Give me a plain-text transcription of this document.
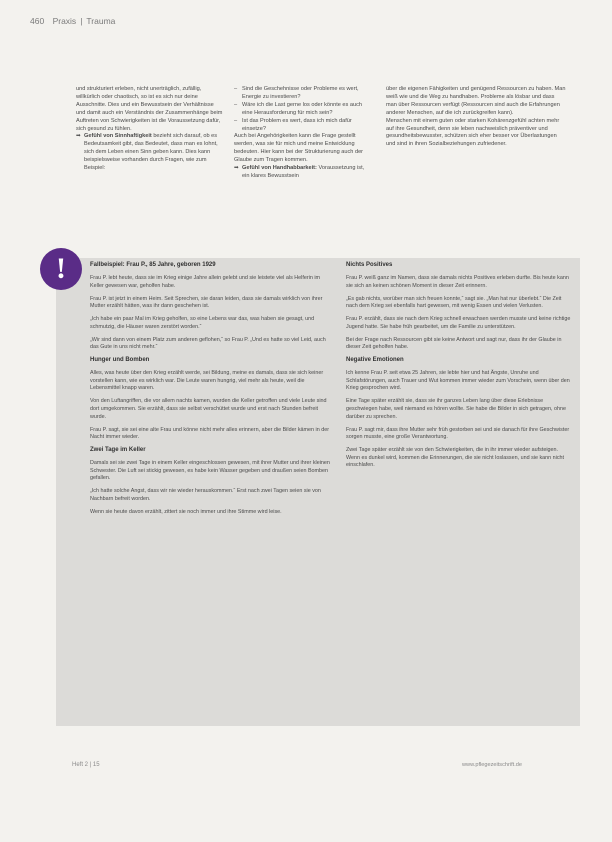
460 Praxis | Trauma

und strukturiert erleben, nicht unerträglich, zufällig, willkürlich oder chaotisch, so ist es sich nur deine Ausschnitte. Dies und ein Bewusstsein der Verhältnisse und damit auch ein Verständnis der Zusammenhänge beim Auftreten von Schwierigkeiten ist die Voraussetzung dafür, sich gesund zu fühlen.

➡ Gefühl von Sinnhaftigkeit bezieht sich darauf, ob es Bedeutsamkeit gibt, das Bedeutet, dass man es lohnt, sich dem Leben einen Sinn geben kann. Dies kann beispielsweise vorhanden durch Fragen, wie zum Beispiel:
– Sind die Geschehnisse oder Probleme es wert, Energie zu investieren?
– Wäre ich die Last gerne los oder könnte es auch eine Herausforderung für mich sein?
– Ist das Problem es wert, dass ich mich dafür einsetze?

Auch bei Angehörigkeiten kann die Frage gestellt werden, was sie für mich und meine Entwicklung bedeuten. Hier kann bei der Strukturierung auch der Glaube zum Tragen kommen.

➡ Gefühl von Handhabbarkeit: Voraussetzung ist, ein klares Bewusstsein

über die eigenen Fähigkeiten und genügend Ressourcen zu haben. Man weiß wie und die Weg zu handhaben. Probleme als lösbar und dass man über Ressourcen verfügt (Ressourcen sind auch die Erfahrungen anderer Menschen, auf die ich zurückgreifen kann).

Menschen mit einem guten oder starken Kohärenzgefühl achten mehr auf ihre Gesundheit, denn sie leben nachweislich präventiver und gesundheitsbewusster, schützen sich eher besser vor Überlastungen und sind in ihren Sozialbeziehungen zufriedener.

!	Fallbeispiel: Frau P., 85 Jahre, geboren 1929

Frau P. lebt heute, dass sie im Krieg einige Jahre allein gelebt und sie leistete viel als Helferin im Keller gewesen war, geholfen habe.

Frau P. ist jetzt in einem Heim. Seit Sprechen, sie daran leiden, dass sie damals wirklich von ihrer Mutter erzählt hätten, was ihr dann geschehen ist.

„Ich habe ein paar Mal im Krieg geholfen, so eine Lebens war das, was haben sie gesagt, und schmutzig, die Häuser waren zerstört worden.“

„Wir sind dann von einem Platz zum anderen geflohen,“ so Frau P. „Und es hatte so viel Leid, auch das Gute in uns nicht mehr.“

Hunger und Bomben

Alles, was heute über den Krieg erzählt werde, sei Bildung, meine es damals, dass sie sich keiner vorstellen kann, wie es wirklich war. Die Leute waren hungrig, viel mehr als heute, weil die Lebensmittel knapp waren.

Von den Luftangriffen, die vor allem nachts kamen, wurden die Keller getroffen und viele Leute sind dort umgekommen. Sie erzählt, dass sie selbst verschüttet wurde und erst nach Stunden befreit wurde.

Frau P. sagt, sie sei eine alte Frau und könne nicht mehr alles erinnern, aber die Bilder kämen in der Nacht immer wieder.

Zwei Tage im Keller

Damals sei sie zwei Tage in einem Keller eingeschlossen gewesen, mit ihrer Mutter und ihrer kleinen Schwester. Die Luft sei stickig gewesen, es habe kein Wasser gegeben und draußen seien Bomben gefallen.

„Ich hatte solche Angst, dass wir nie wieder herauskommen.“ Erst nach zwei Tagen seien sie von Nachbarn befreit worden.

Wenn sie heute davon erzählt, zittert sie noch immer und ihre Stimme wird leise.

Nichts Positives

Frau P. weiß ganz im Namen, dass sie damals nichts Positives erleben durfte. Bis heute kann sie sich an keinen schönen Moment in dieser Zeit erinnern.

„Es gab nichts, worüber man sich freuen konnte,“ sagt sie. „Man hat nur überlebt.“ Die Zeit nach dem Krieg sei ebenfalls hart gewesen, mit wenig Essen und vielen Verlusten.

Frau P. erzählt, dass sie nach dem Krieg schnell erwachsen werden musste und keine richtige Jugend hatte. Sie habe früh gearbeitet, um die Familie zu unterstützen.

Bei der Frage nach Ressourcen gibt sie keine Antwort und sagt nur, dass ihr der Glaube in dieser Zeit geholfen habe.

Negative Emotionen

Ich kenne Frau P. seit etwa 25 Jahren, sie lebte hier und hat Ängste, Unruhe und Schlafstörungen, auch Trauer und Wut kommen immer wieder zum Vorschein, wenn über den Krieg gesprochen wird.

Eine Tage später erzählt sie, dass sie ihr ganzes Leben lang über diese Erlebnisse geschwiegen habe, weil niemand es hören wollte. Sie habe die Bilder in sich getragen, ohne darüber zu sprechen.

Frau P. sagt mir, dass ihre Mutter sehr früh gestorben sei und sie danach für ihre Geschwister sorgen musste, eine große Verantwortung.

Zwei Tage später erzählt sie von den Schwierigkeiten, die in ihr immer wieder aufsteigen. Wenn es dunkel wird, kommen die Erinnerungen, die sie nicht loslassen, und sie kann nicht einschlafen.

Heft 2 | 15	www.pflegezeitschrift.de
